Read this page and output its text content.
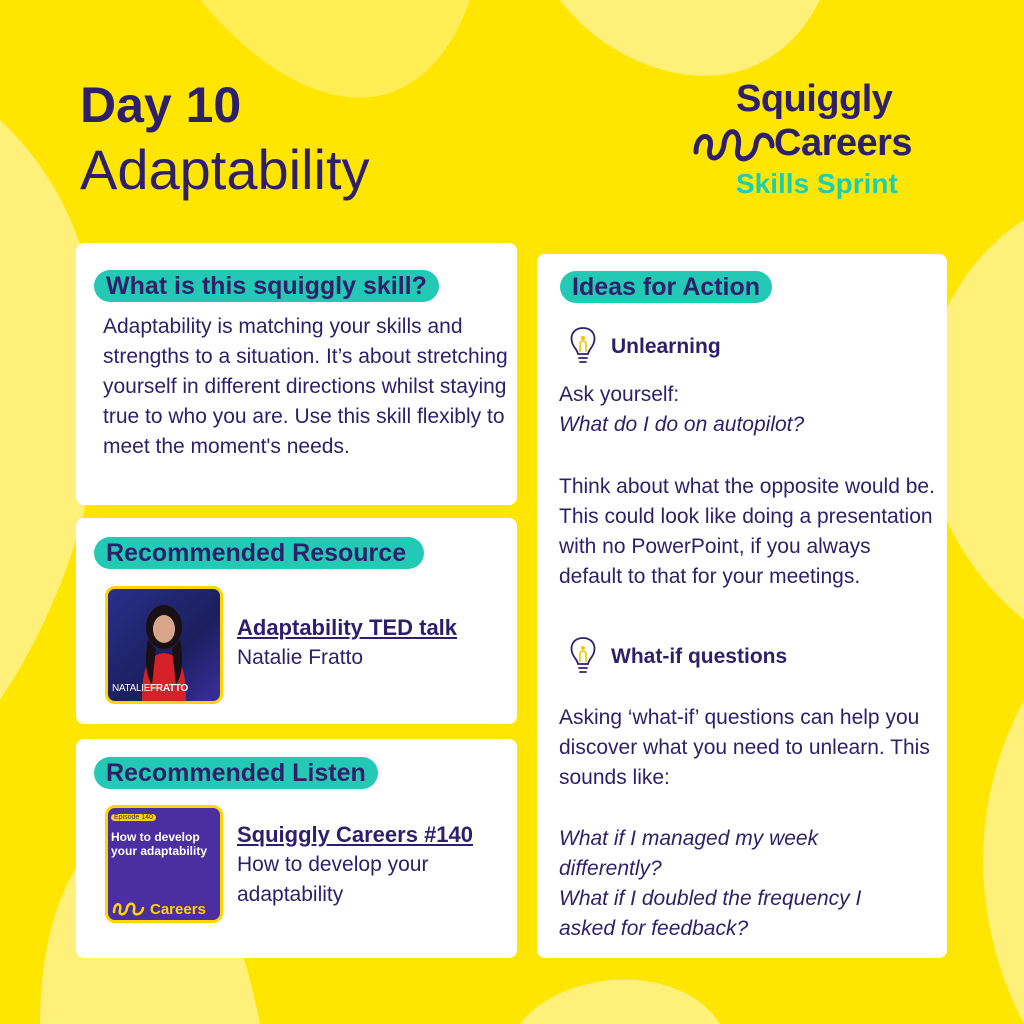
Day 10
Adaptability
Squiggly
Careers
Skills Sprint
What is this squiggly skill?
Adaptability is matching your skills and strengths to a situation. It’s about stretching yourself in different directions whilst staying true to who you are. Use this skill flexibly to meet the moment's needs.
Recommended Resource
NATALIEFRATTO
Adaptability TED talk
Natalie Fratto
Recommended Listen
Episode 140
How to develop your adaptability
Careers
Squiggly Careers #140
How to develop your adaptability
Ideas for Action
Unlearning
Ask yourself:
What do I do on autopilot?
Think about what the opposite would be. This could look like doing a presentation with no PowerPoint, if you always default to that for your meetings.
What-if questions
Asking ‘what-if’ questions can help you discover what you need to unlearn. This sounds like:
What if I managed my week differently?
What if I doubled the frequency I asked for feedback?
